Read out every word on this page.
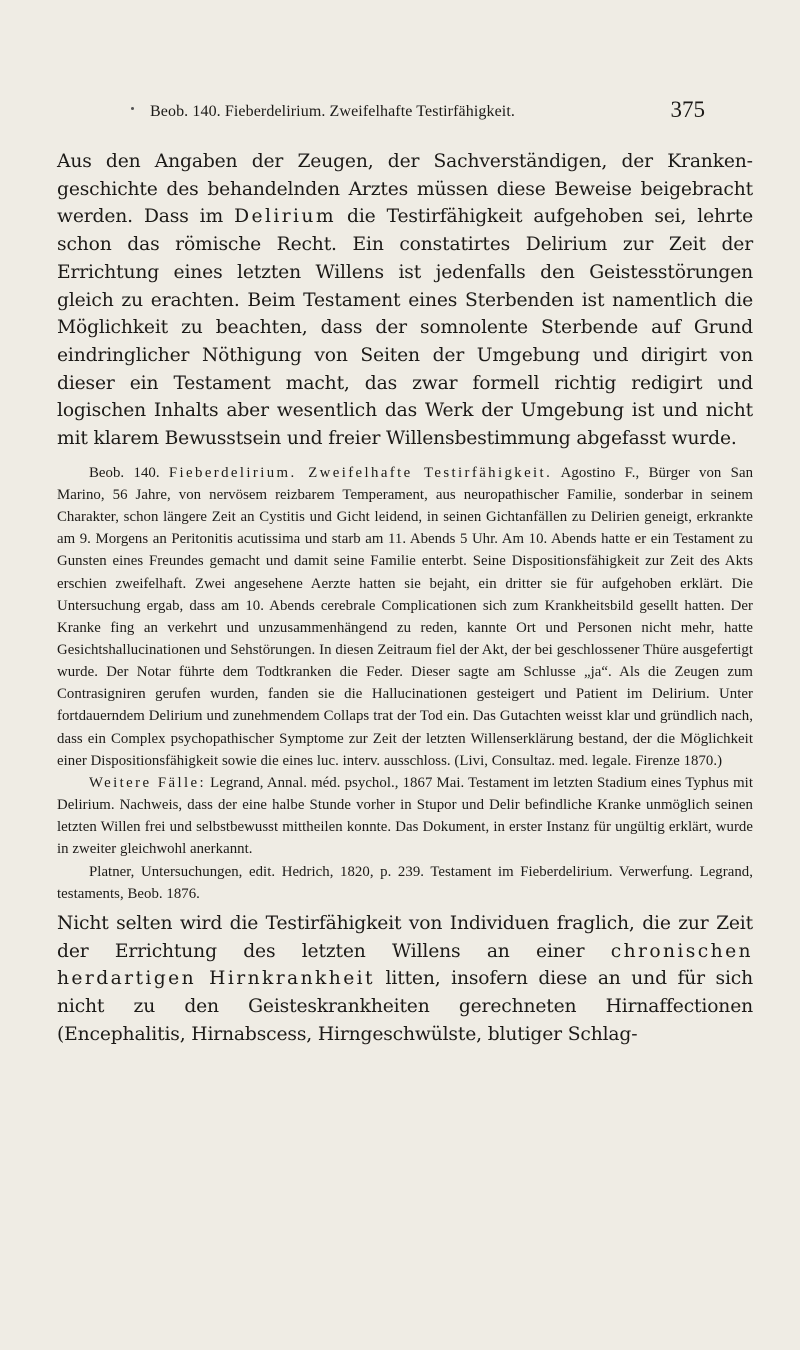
Beob. 140. Fieberdelirium. Zweifelhafte Testirfähigkeit.	375

Aus den Angaben der Zeugen, der Sachverständigen, der Krankengeschichte des behandelnden Arztes müssen diese Beweise beigebracht werden. Dass im Delirium die Testirfähigkeit aufgehoben sei, lehrte schon das römische Recht. Ein constatirtes Delirium zur Zeit der Errichtung eines letzten Willens ist jedenfalls den Geistesstörungen gleich zu erachten. Beim Testament eines Sterbenden ist namentlich die Möglichkeit zu beachten, dass der somnolente Sterbende auf Grund eindringlicher Nöthigung von Seiten der Umgebung und dirigirt von dieser ein Testament macht, das zwar formell richtig redigirt und logischen Inhalts aber wesentlich das Werk der Umgebung ist und nicht mit klarem Bewusstsein und freier Willensbestimmung abgefasst wurde.

Beob. 140. Fieberdelirium. Zweifelhafte Testirfähigkeit. Agostino F., Bürger von San Marino, 56 Jahre, von nervösem reizbarem Temperament, aus neuropathischer Familie, sonderbar in seinem Charakter, schon längere Zeit an Cystitis und Gicht leidend, in seinen Gichtanfällen zu Delirien geneigt, erkrankte am 9. Morgens an Peritonitis acutissima und starb am 11. Abends 5 Uhr. Am 10. Abends hatte er ein Testament zu Gunsten eines Freundes gemacht und damit seine Familie enterbt. Seine Dispositionsfähigkeit zur Zeit des Akts erschien zweifelhaft. Zwei angesehene Aerzte hatten sie bejaht, ein dritter sie für aufgehoben erklärt. Die Untersuchung ergab, dass am 10. Abends cerebrale Complicationen sich zum Krankheitsbild gesellt hatten. Der Kranke fing an verkehrt und unzusammenhängend zu reden, kannte Ort und Personen nicht mehr, hatte Gesichtshallucinationen und Sehstörungen. In diesen Zeitraum fiel der Akt, der bei geschlossener Thüre ausgefertigt wurde. Der Notar führte dem Todtkranken die Feder. Dieser sagte am Schlusse „ja“. Als die Zeugen zum Contrasigniren gerufen wurden, fanden sie die Hallucinationen gesteigert und Patient im Delirium. Unter fortdauerndem Delirium und zunehmendem Collaps trat der Tod ein. Das Gutachten weisst klar und gründlich nach, dass ein Complex psychopathischer Symptome zur Zeit der letzten Willenserklärung bestand, der die Möglichkeit einer Dispositionsfähigkeit sowie die eines luc. interv. ausschloss. (Livi, Consultaz. med. legale. Firenze 1870.)

Weitere Fälle: Legrand, Annal. méd. psychol., 1867 Mai. Testament im letzten Stadium eines Typhus mit Delirium. Nachweis, dass der eine halbe Stunde vorher in Stupor und Delir befindliche Kranke unmöglich seinen letzten Willen frei und selbstbewusst mittheilen konnte. Das Dokument, in erster Instanz für ungültig erklärt, wurde in zweiter gleichwohl anerkannt.

Platner, Untersuchungen, edit. Hedrich, 1820, p. 239. Testament im Fieberdelirium. Verwerfung. Legrand, testaments, Beob. 1876.

Nicht selten wird die Testirfähigkeit von Individuen fraglich, die zur Zeit der Errichtung des letzten Willens an einer chronischen herdartigen Hirnkrankheit litten, insofern diese an und für sich nicht zu den Geisteskrankheiten gerechneten Hirnaffectionen (Encephalitis, Hirnabscess, Hirngeschwülste, blutiger Schlag-
